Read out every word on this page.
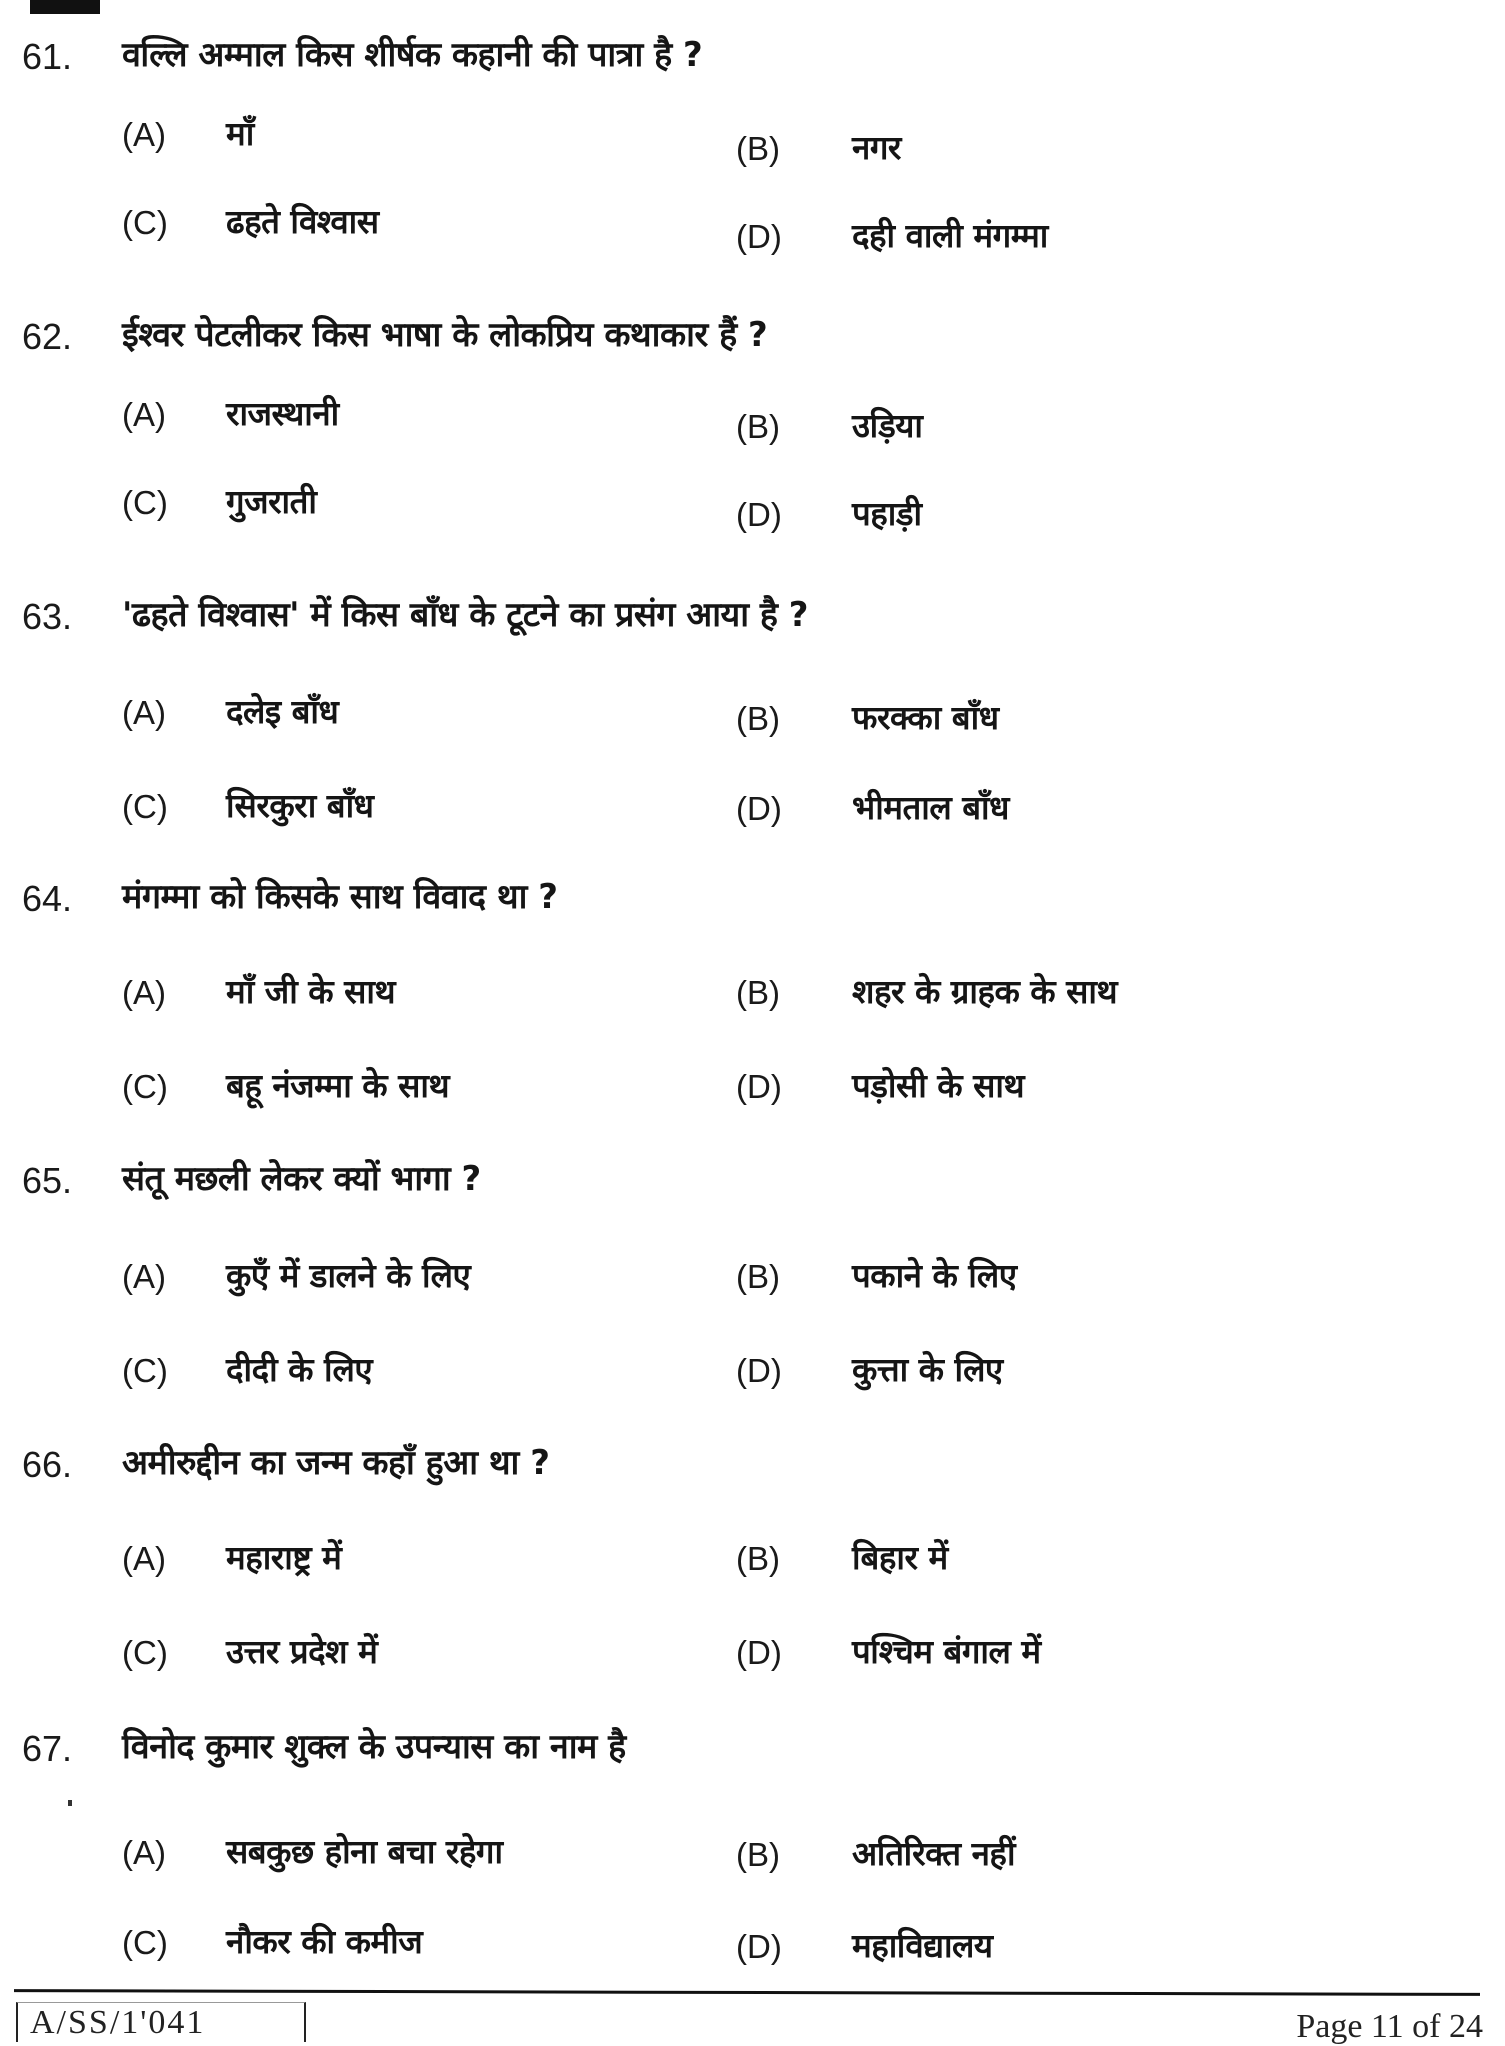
61. वल्लि अम्माल किस शीर्षक कहानी की पात्रा है ?
(A) माँ	(B) नगर
(C) ढहते विश्वास	(D) दही वाली मंगम्मा
62. ईश्वर पेटलीकर किस भाषा के लोकप्रिय कथाकार हैं ?
(A) राजस्थानी	(B) उड़िया
(C) गुजराती	(D) पहाड़ी
63. 'ढहते विश्वास' में किस बाँध के टूटने का प्रसंग आया है ?
(A) दलेइ बाँध	(B) फरक्का बाँध
(C) सिरकुरा बाँध	(D) भीमताल बाँध
64. मंगम्मा को किसके साथ विवाद था ?
(A) माँ जी के साथ	(B) शहर के ग्राहक के साथ
(C) बहू नंजम्मा के साथ	(D) पड़ोसी के साथ
65. संतू मछली लेकर क्यों भागा ?
(A) कुएँ में डालने के लिए	(B) पकाने के लिए
(C) दीदी के लिए	(D) कुत्ता के लिए
66. अमीरुद्दीन का जन्म कहाँ हुआ था ?
(A) महाराष्ट्र में	(B) बिहार में
(C) उत्तर प्रदेश में	(D) पश्चिम बंगाल में
67. विनोद कुमार शुक्ल के उपन्यास का नाम है
(A) सबकुछ होना बचा रहेगा	(B) अतिरिक्त नहीं
(C) नौकर की कमीज	(D) महाविद्यालय
A/SS/1'041	Page 11 of 24
